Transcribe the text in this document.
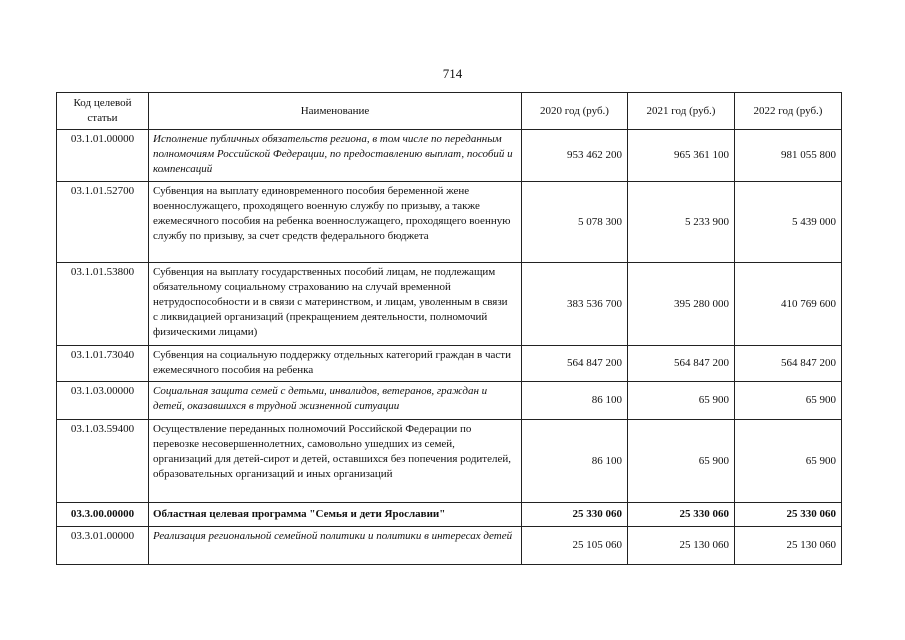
714
Код целевой статьи	Наименование	2020 год (руб.)	2021 год (руб.)	2022 год (руб.)
03.1.01.00000	Исполнение публичных обязательств региона, в том числе по переданным полномочиям Российской Федерации, по предоставлению выплат, пособий и компенсаций	953 462 200	965 361 100	981 055 800
03.1.01.52700	Субвенция на выплату единовременного пособия беременной жене военнослужащего, проходящего военную службу по призыву, а также ежемесячного пособия на ребенка военнослужащего, проходящего военную службу по призыву, за счет средств федерального бюджета	5 078 300	5 233 900	5 439 000
03.1.01.53800	Субвенция на выплату государственных пособий лицам, не подлежащим обязательному социальному страхованию на случай временной нетрудоспособности и в связи с материнством, и лицам, уволенным в связи с ликвидацией организаций (прекращением деятельности, полномочий физическими лицами)	383 536 700	395 280 000	410 769 600
03.1.01.73040	Субвенция на социальную поддержку отдельных категорий граждан в части ежемесячного пособия на ребенка	564 847 200	564 847 200	564 847 200
03.1.03.00000	Социальная защита семей с детьми, инвалидов, ветеранов, граждан и детей, оказавшихся в трудной жизненной ситуации	86 100	65 900	65 900
03.1.03.59400	Осуществление переданных полномочий Российской Федерации по перевозке несовершеннолетних, самовольно ушедших из семей, организаций для детей-сирот и детей, оставшихся без попечения родителей, образовательных организаций и иных организаций	86 100	65 900	65 900
03.3.00.00000	Областная целевая программа "Семья и дети Ярославии"	25 330 060	25 330 060	25 330 060
03.3.01.00000	Реализация региональной семейной политики и политики в интересах детей	25 105 060	25 130 060	25 130 060
